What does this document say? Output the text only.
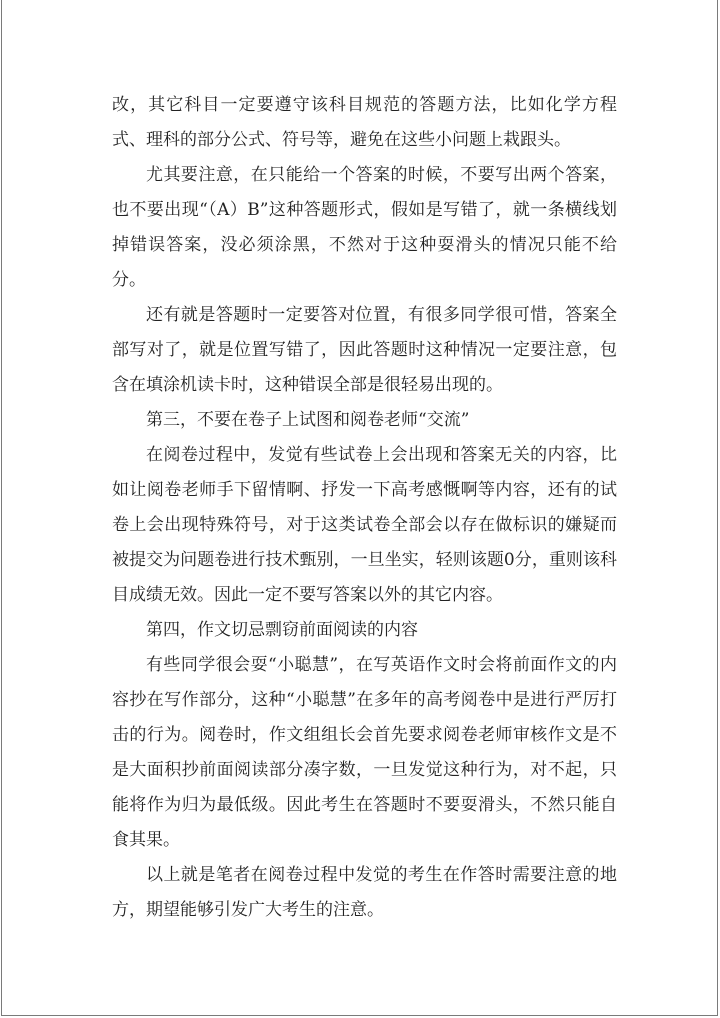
改，其它科目一定要遵守该科目规范的答题方法，比如化学方程式、理科的部分公式、符号等，避免在这些小问题上栽跟头。

尤其要注意，在只能给一个答案的时候，不要写出两个答案，也不要出现“（A）B”这种答题形式，假如是写错了，就一条横线划掉错误答案，没必须涂黑，不然对于这种耍滑头的情况只能不给分。

还有就是答题时一定要答对位置，有很多同学很可惜，答案全部写对了，就是位置写错了，因此答题时这种情况一定要注意，包含在填涂机读卡时，这种错误全部是很轻易出现的。

第三，不要在卷子上试图和阅卷老师“交流”

在阅卷过程中，发觉有些试卷上会出现和答案无关的内容，比如让阅卷老师手下留情啊、抒发一下高考感慨啊等内容，还有的试卷上会出现特殊符号，对于这类试卷全部会以存在做标识的嫌疑而被提交为问题卷进行技术甄别，一旦坐实，轻则该题0分，重则该科目成绩无效。因此一定不要写答案以外的其它内容。

第四，作文切忌剽窃前面阅读的内容

有些同学很会耍“小聪慧”，在写英语作文时会将前面作文的内容抄在写作部分，这种“小聪慧”在多年的高考阅卷中是进行严厉打击的行为。阅卷时，作文组组长会首先要求阅卷老师审核作文是不是大面积抄前面阅读部分凑字数，一旦发觉这种行为，对不起，只能将作为归为最低级。因此考生在答题时不要耍滑头，不然只能自食其果。

以上就是笔者在阅卷过程中发觉的考生在作答时需要注意的地方，期望能够引发广大考生的注意。
